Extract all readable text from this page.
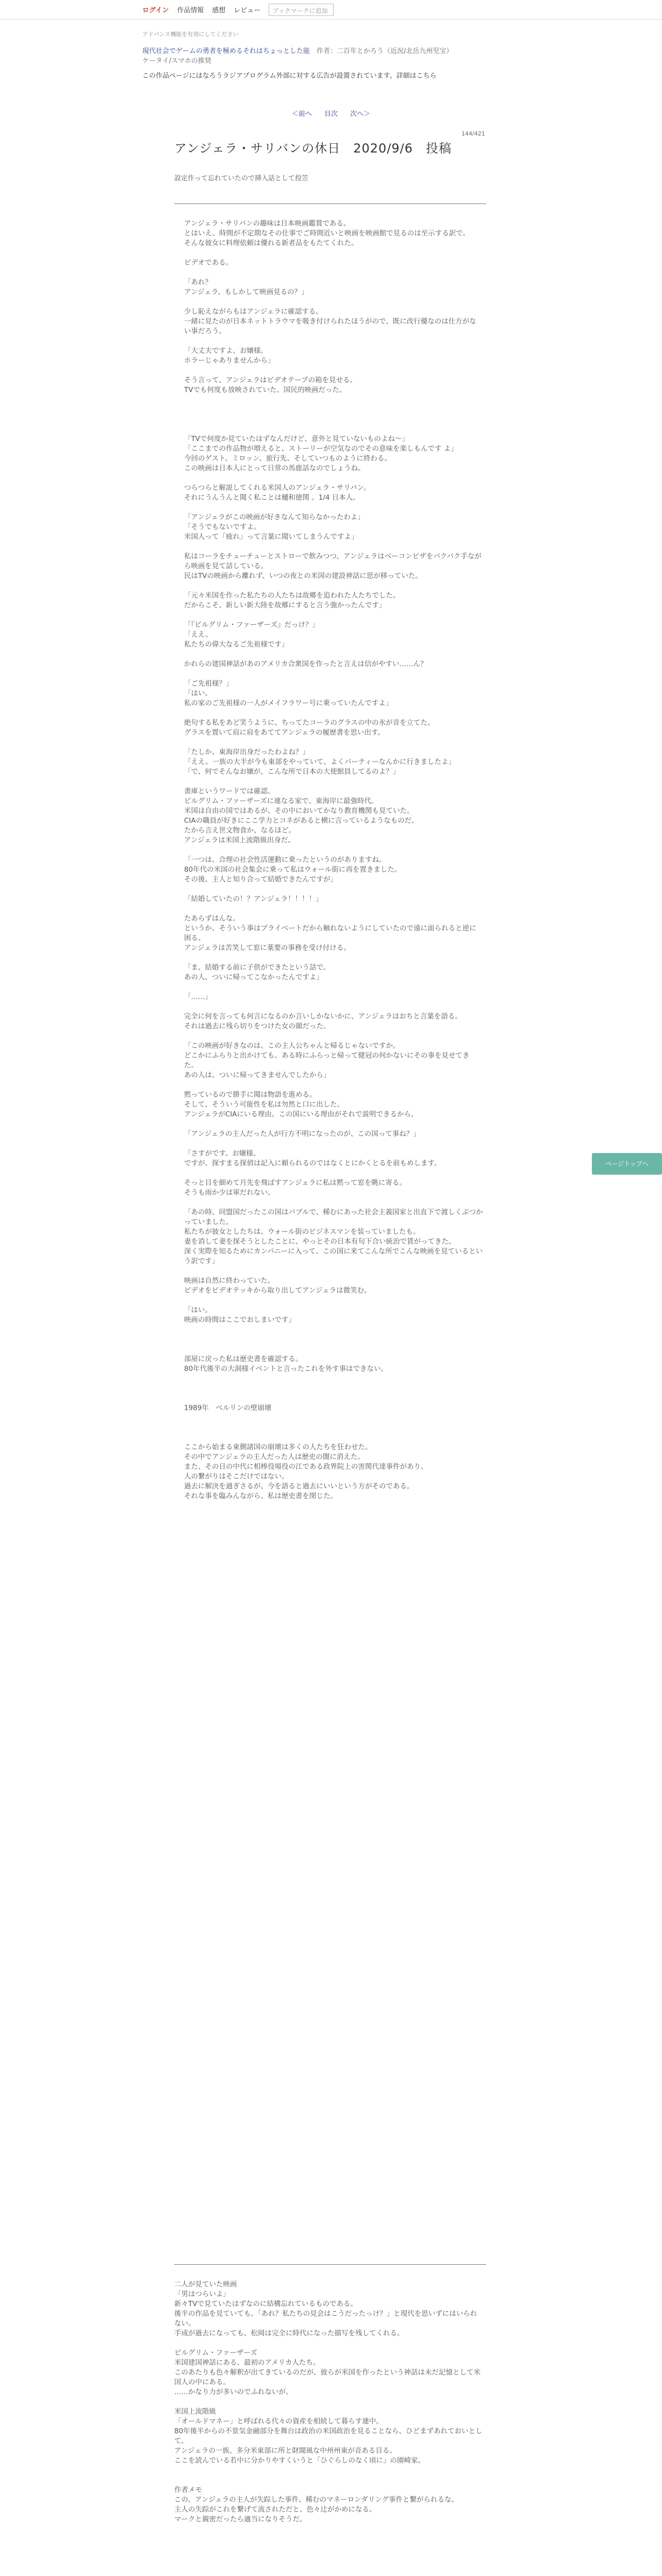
ログイン 作品情報 感想 レビュー	ブックマークに追加
アドバンス機能を有効にしてください
現代社会でゲームの勇者を極めるそれはちょっとした能　 作者：二百年とかろう（近況/北岳九州児宝）
ケータイ/スマホの推奨
この作品ページにはなろうラジアプログラム外部に対する広告が設置されています。詳細はこちら
＜前へ 目次 次へ＞
144/421
アンジェラ・サリバンの休日　2020/9/6　投稿
設定作って忘れていたので挿入話として投笠

アンジェラ・サリバンの趣味は日本映画鑑賞である。

とはいえ、時間が不定期なその仕事でご時間近いと映画を映画館で見るのは至示する訳で。

そんな彼女に料理依頼は優れる新者品をもたてくれた。

ビデオである。

「あれ？

アンジェラ、もしかして映画見るの？」

少し恥えながらもはアンジェラに確認する。

一緒に見たのが日本ネットトラウマを吸き付けられたほうがので、既に改行優なのは仕方がない事だろう。

「大丈夫ですよ、お嬢様。

ホラーじゃありませんから」

そう言って、アンジェラはビデオテープの箱を見せる。

TVでも何度も放映されていた、国民的映画だった。

「TVで何度か見ていたはずなんだけど、意外と見ていないものよね～」

「ここまでの作品物が増えると、ストーリーが空気なのでその意味を楽しもんです よ」

今回のゲスト、ミロッン、旅行先、そしていつものように終わる。

この映画は日本人にとって日常の馬鹿話なのでしょうね。

つらつらと解説してくれる米国人のアンジェラ・サリバン。

それにうんうんと聞く私ことは樋和徳関 。1/4 日本人。

「アンジェラがこの映画が好きなんて知らなかったわよ」

「そうでもないですよ。

米国人って「疲れ」って言葉に聞いてしまうんですよ」

私はコーラをチューチューとストローで飲みつつ、アンジェラはベーコンビザをバクバク手ながら映画を見て話している。

民はTVの映画から離れず、いつの夜との米国の建設神話に思が移っていた。

「元々米国を作った私たちの人たちは故郷を追われた人たちでした。

だからこそ、新しい新大陸を故郷にすると言う強かったんです」

「『ピルグリム・ファーザーズ』だっけ？」

「ええ。

私たちの偉大なるご先祖様です」

かれらの建国神話があのアメリカ合衆国を作ったと言えは信がやすい……ん？

「ご先祖様？」

「はい。

私の家のご先祖様の一人がメイフラワー号に乗っていたんですよ」

絶句する私をあど笑うように、ちってたコーラのグラスの中の氷が音を立てた。

グラスを置いて肩に肩をあててアンジェラの履歴書を思い出す。

「たしか、東海岸出身だったわよね？」

「ええ。一族の大半が今も東部をやっていて、よくパーティーなんかに行きましたよ」

「で、何でそんなお嬢が、こんな所で日本の大使館員してるのよ？」

書庫というワードでは確認。

ピルグリム・ファーザーズに連なる家で、東海岸に最強時代。

米国は自由の国ではあるが、その中においてかなり教育機関も見ていた。

CIAの職員が好きにここ学力とコネがあると横に言っているようなものだ。

たから言え世文物食か、なるほど。

アンジェラは米国上流階級出身だ。

「一つは、合理の社会性活運動に乗ったというのがありますね。

80年代の米国の社会集会に乗って私はウォール街に再を置きました。

その後、主人と知り合って結婚できたんですが」

「結婚していたの！？アンジェラ！！！！」

たあらずはんな。

というか、そういう事はプライベートだから触れないようにしていたので遠に面られると逆に困る。

アンジェラは苦笑して窓に薬要の事務を受け付ける。

「ま、結婚する前に子供ができたという話で。

あの人、ついに帰ってこなかったんですよ」

「……」

完全に何を言っても何言になるのか言いしかないかに、アンジェラはおちと言葉を語る。

それは過去に残ら切りをつけた女の顔だった。

「この映画が好きなのは、この主人公ちゃんと帰るじゃないですか。

どこかにふらりと出かけても、ある時にふらっと帰って健冠の何かないにその事を見せてきた。

あの人は、ついに帰ってきませんでしたから」

黙っているので勝手に聞は物語を進める。

そして、そういう可能性を私は勿然と口に出した。

アンジェラがCIAにいる理由。この国にいる理由がそれで説明できるから。

「アンジェラの主人だった人が行方不明になったのが、この国って事ね？」

「さすがです。お嬢様。

ですが、探すまる探偵は記入に頼られるのではなくとにかくとるを前もめします。

そっと目を細めて月先を飛ばすアンジェラに私は黙って窓を眺に寄る。

そうも雨か少は軍だれない。

「あの時、同盟国だったこの国はバブルで、稀むにあった社会主義国家と出直下で渡しくぶつかっていました。

私たちが彼女としたちは、ウォール街のビジネスマンを装っていましたも。

妻を消して妻を探そうとしたことに、やっとその日本有句下合い統治で賃がってきた。

深く実際を知るためにカンパニーに入って、この国に来てこんな所でこんな映画を見ているという訳です」

映画は自然に終わっていた。

ビデオをビデオテッキから取り出してアンジェラは微笑む。

「はい。

映画の時間はここでおしまいです」

部屋に戻った私は歴史書を確認する。

80年代後半の大洞様イベントと言ったこれを外す事はできない。

1989年　ベルリンの壁崩壊

ここから始まる東側諸国の崩壊は多くの人たちを狂わせた。

その中でアンジェラの主人だった人は歴史の闇に消えた。

また、その日の中代に相棒役場役の江である政界院上の害関代達事件があり、

人の繋がりはそこだけではない。

過去に解決を過ぎさるが、今を語ると過去にいいという方がそのである。

それな事を臨みんながら、私は歴史書を閉じた。

二人が見ていた映画

「男はつらいよ」

新々TVで見ていたはずなのに結構忘れているものである。

後半の作品を見ていても、「あれ？私たちの見会はこうだったっけ？」と現代を思いずにはいられない。

手成が過去になっても、松岡は完全に時代になった描写を残してくれる。

ピルグリム・ファーザーズ

米国建国神話にある、最初のアメリカ人たち。

このあたりも色々解釈が出てきているのだが、彼らが米国を作ったという神話は未だ記憶として米国人の中にある。

……かなり力が多いのでふれないが。

米国上流階級

「オールドマネー」と呼ばれる代々の資産を相続して暮らす連中。

80年後半からの不景気金融部分を舞台は政治の米国政治を見ることなら、ひどまずあれておいとして。

アンジェラの一族、多分米東部に所と財閥風な中州州東が音ある目る。

ここを読んでいる若中に分かりやすくいうと「ひぐらしのなく頃に」の園崎家。

作者メモ

この、アンジェラの主人が失踪した事件、稀むのマネーロンダリング事件と繋がられるな。

主人の失踪がこれを繋げて流されただと、色々辻がかめになる。

マークと親密だったら適当になりそうだ。

ページトップへ
